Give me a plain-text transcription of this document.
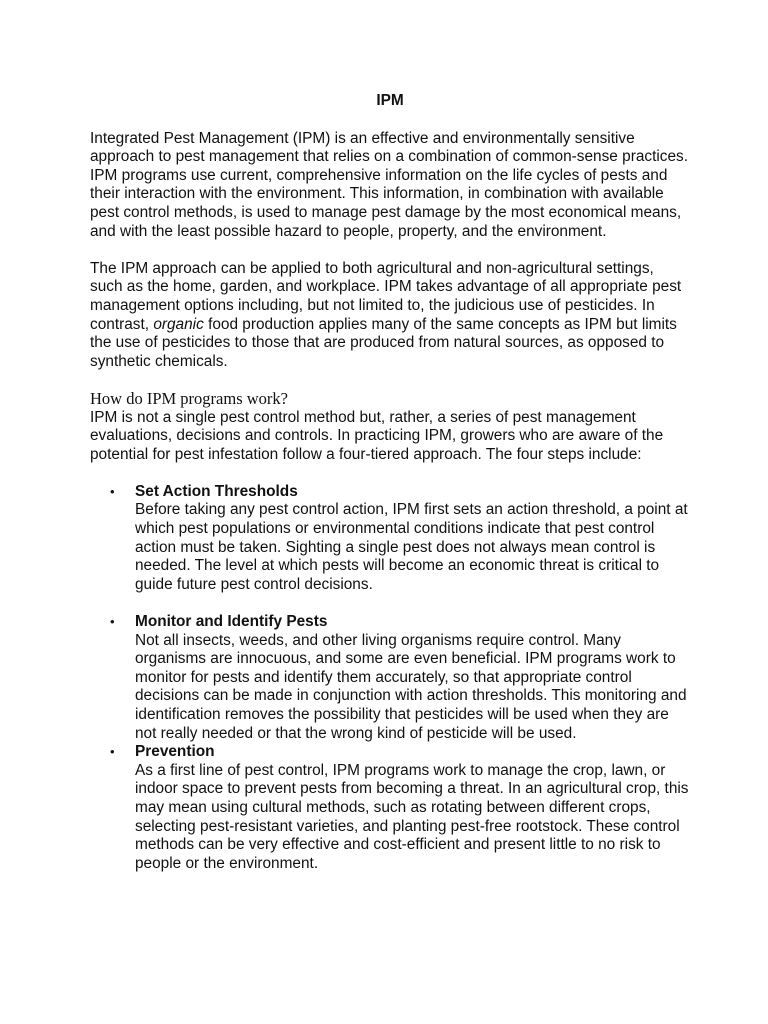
IPM

Integrated Pest Management (IPM) is an effective and environmentally sensitive approach to pest management that relies on a combination of common-sense practices. IPM programs use current, comprehensive information on the life cycles of pests and their interaction with the environment. This information, in combination with available pest control methods, is used to manage pest damage by the most economical means, and with the least possible hazard to people, property, and the environment.

The IPM approach can be applied to both agricultural and non-agricultural settings, such as the home, garden, and workplace. IPM takes advantage of all appropriate pest management options including, but not limited to, the judicious use of pesticides. In contrast, organic food production applies many of the same concepts as IPM but limits the use of pesticides to those that are produced from natural sources, as opposed to synthetic chemicals.

How do IPM programs work?

IPM is not a single pest control method but, rather, a series of pest management evaluations, decisions and controls. In practicing IPM, growers who are aware of the potential for pest infestation follow a four-tiered approach. The four steps include:

• Set Action Thresholds
Before taking any pest control action, IPM first sets an action threshold, a point at which pest populations or environmental conditions indicate that pest control action must be taken. Sighting a single pest does not always mean control is needed. The level at which pests will become an economic threat is critical to guide future pest control decisions.
• Monitor and Identify Pests
Not all insects, weeds, and other living organisms require control. Many organisms are innocuous, and some are even beneficial. IPM programs work to monitor for pests and identify them accurately, so that appropriate control decisions can be made in conjunction with action thresholds. This monitoring and identification removes the possibility that pesticides will be used when they are not really needed or that the wrong kind of pesticide will be used.
• Prevention
As a first line of pest control, IPM programs work to manage the crop, lawn, or indoor space to prevent pests from becoming a threat. In an agricultural crop, this may mean using cultural methods, such as rotating between different crops, selecting pest-resistant varieties, and planting pest-free rootstock. These control methods can be very effective and cost-efficient and present little to no risk to people or the environment.
